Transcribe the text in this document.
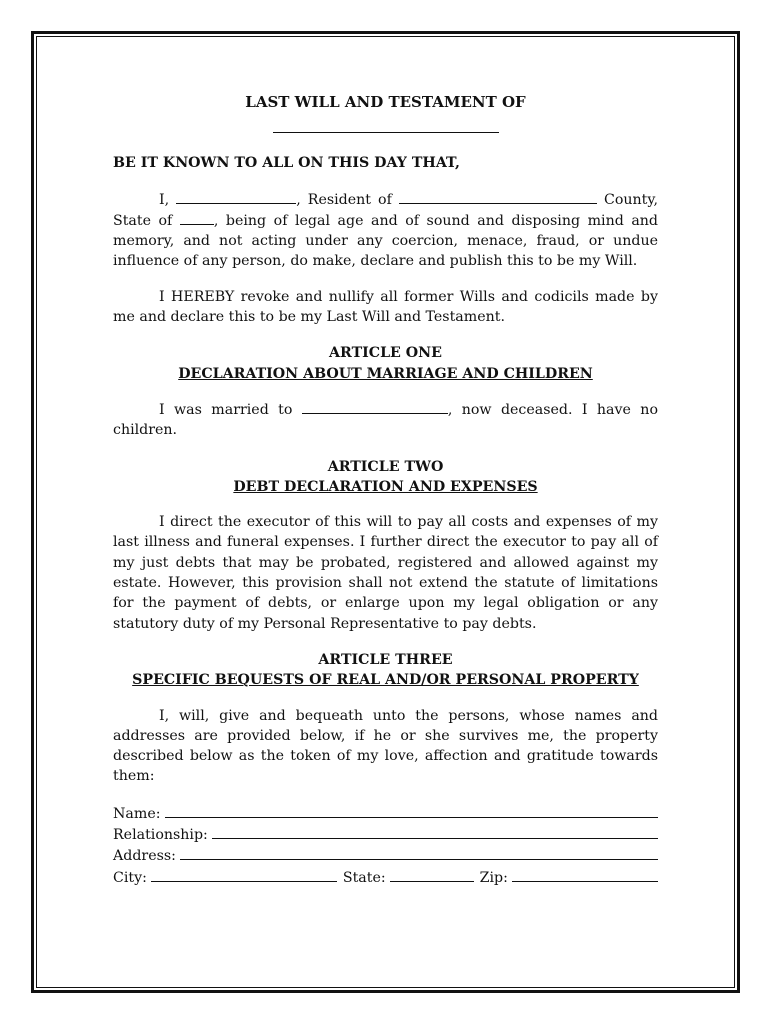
LAST WILL AND TESTAMENT OF

BE IT KNOWN TO ALL ON THIS DAY THAT,

I,	, Resident of	County, State of	, being of legal age and of sound and disposing mind and memory, and not acting under any coercion, menace, fraud, or undue influence of any person, do make, declare and publish this to be my Will.

I HEREBY revoke and nullify all former Wills and codicils made by me and declare this to be my Last Will and Testament.

ARTICLE ONE

DECLARATION ABOUT MARRIAGE AND CHILDREN

I was married to	, now deceased. I have no children.

ARTICLE TWO

DEBT DECLARATION AND EXPENSES

I direct the executor of this will to pay all costs and expenses of my last illness and funeral expenses. I further direct the executor to pay all of my just debts that may be probated, registered and allowed against my estate. However, this provision shall not extend the statute of limitations for the payment of debts, or enlarge upon my legal obligation or any statutory duty of my Personal Representative to pay debts.

ARTICLE THREE

SPECIFIC BEQUESTS OF REAL AND/OR PERSONAL PROPERTY

I, will, give and bequeath unto the persons, whose names and addresses are provided below, if he or she survives me, the property described below as the token of my love, affection and gratitude towards them:

Name:
Relationship:
Address:
City:	State:	Zip:
